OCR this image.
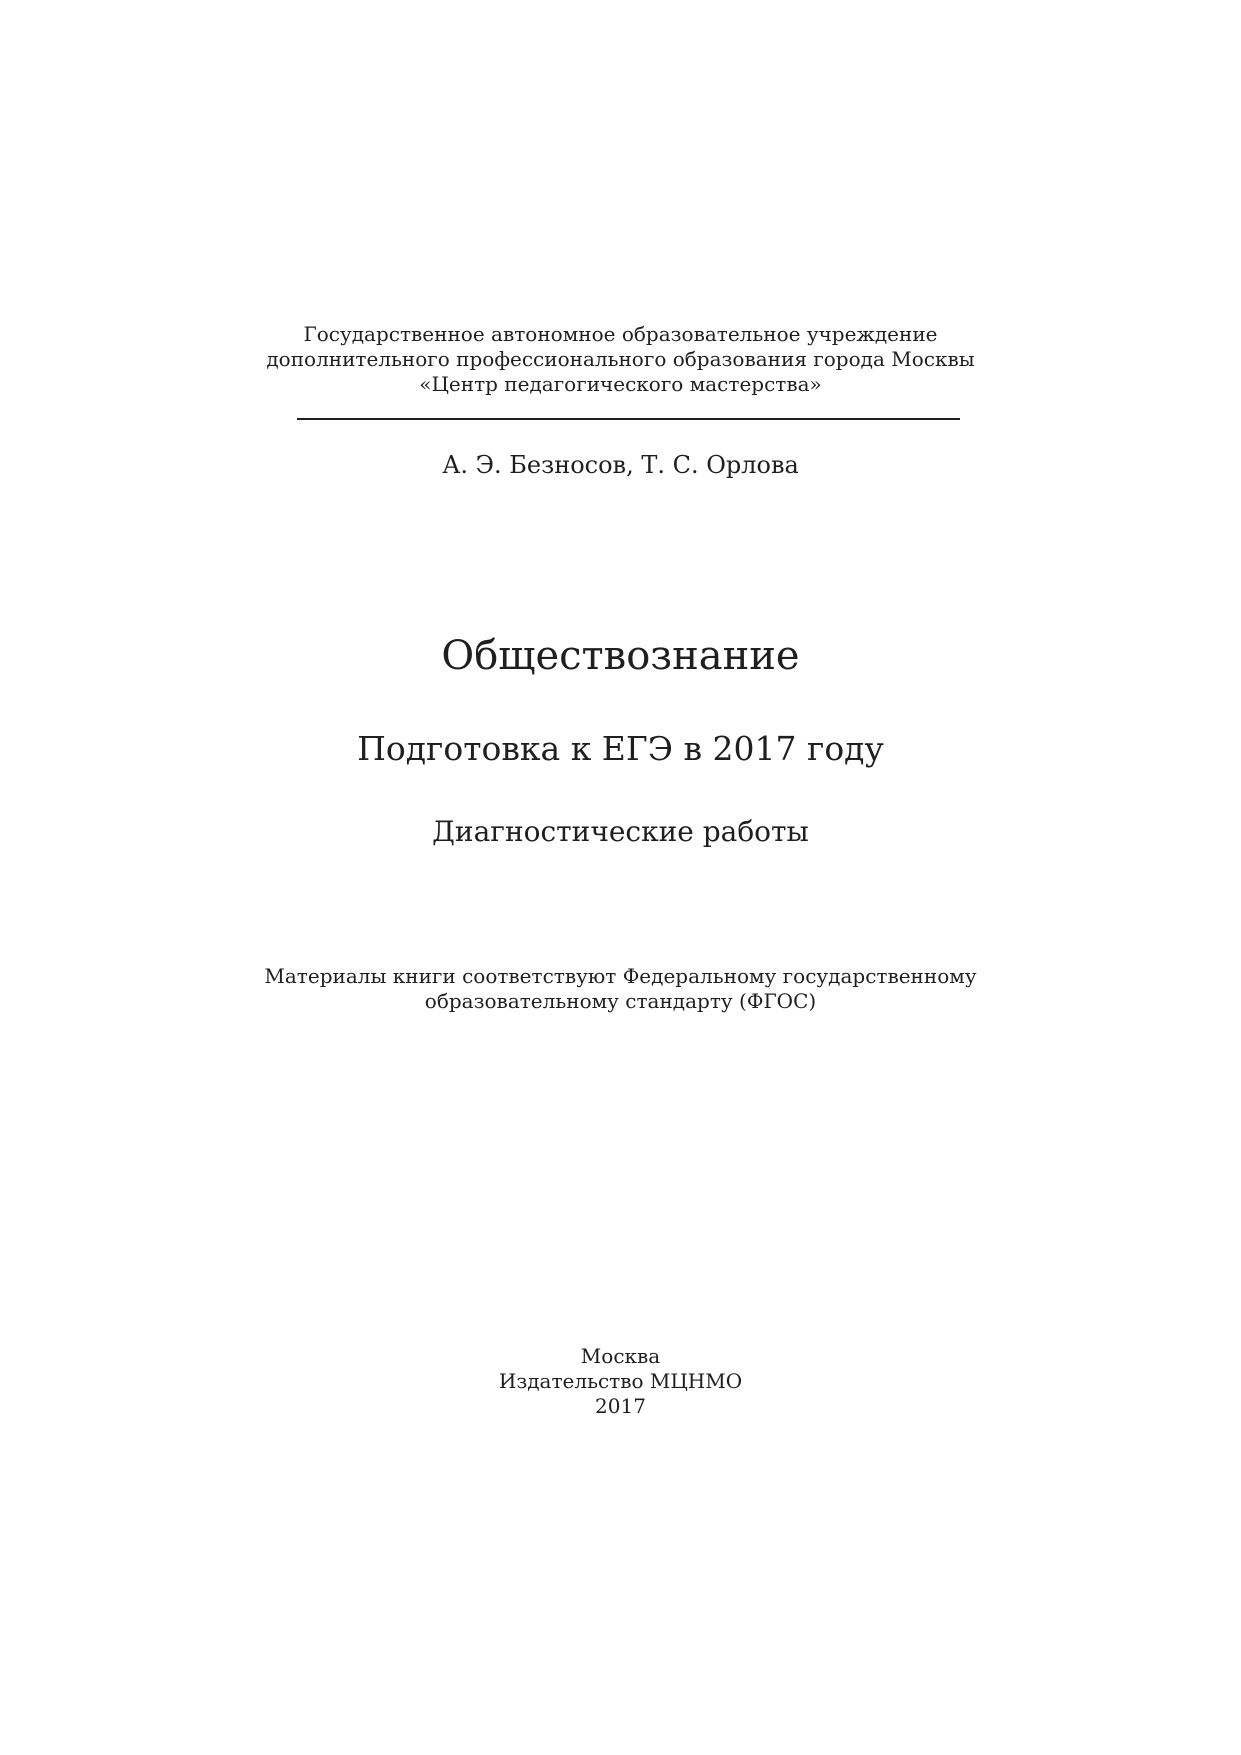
Государственное автономное образовательное учреждение
дополнительного профессионального образования города Москвы
«Центр педагогического мастерства»
А. Э. Безносов, Т. С. Орлова
Обществознание
Подготовка к ЕГЭ в 2017 году
Диагностические работы
Материалы книги соответствуют Федеральному государственному
образовательному стандарту (ФГОС)
Москва
Издательство МЦНМО
2017
